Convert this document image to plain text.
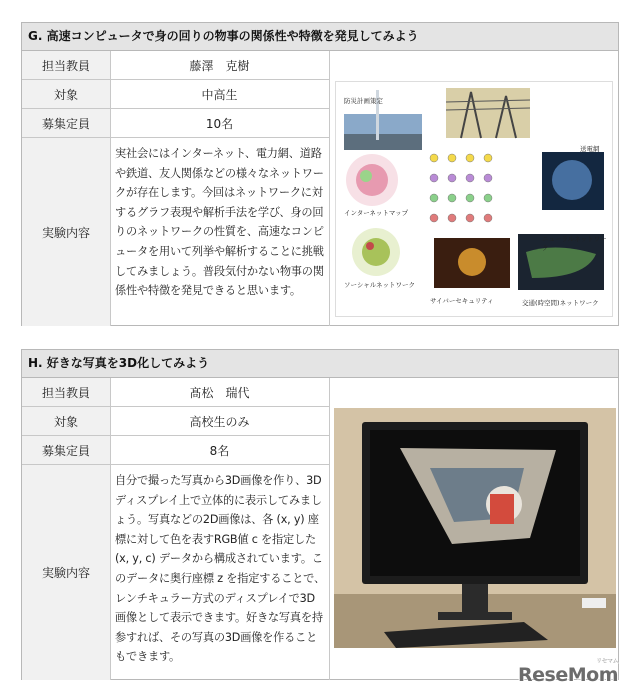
G. 高速コンピュータで身の回りの物事の関係性や特徴を発見してみよう
担当教員	藤澤　克樹
対象	中高生
募集定員	10名
実験内容
実社会にはインターネット、電力網、道路や鉄道、友人関係などの様々なネットワークが存在します。今回はネットワークに対するグラフ表現や解析手法を学び、身の回りのネットワークの性質を、高速なコンピュータを用いて列挙や解析することに挑戦してみましょう。普段気付かない物事の関係性や特徴を発見できると思います。
防災計画策定
送電網
インターネットマップ
ニューラルネットワーク
ソーシャルネットワーク
サイバーセキュリティ	交通(時空間)ネットワーク
H. 好きな写真を3D化してみよう
担当教員	髙松　瑞代
対象	高校生のみ
募集定員	8名
実験内容
自分で撮った写真から3D画像を作り、3Dディスプレイ上で立体的に表示してみましょう。写真などの2D画像は、各 (x, y) 座標に対して色を表すRGB値 c を指定した (x, y, c) データから構成されています。このデータに奥行座標 z を指定することで、レンチキュラー方式のディスプレイで3D画像として表示できます。好きな写真を持参すれば、その写真の3D画像を作ることもできます。
ReseMom
リセマム
